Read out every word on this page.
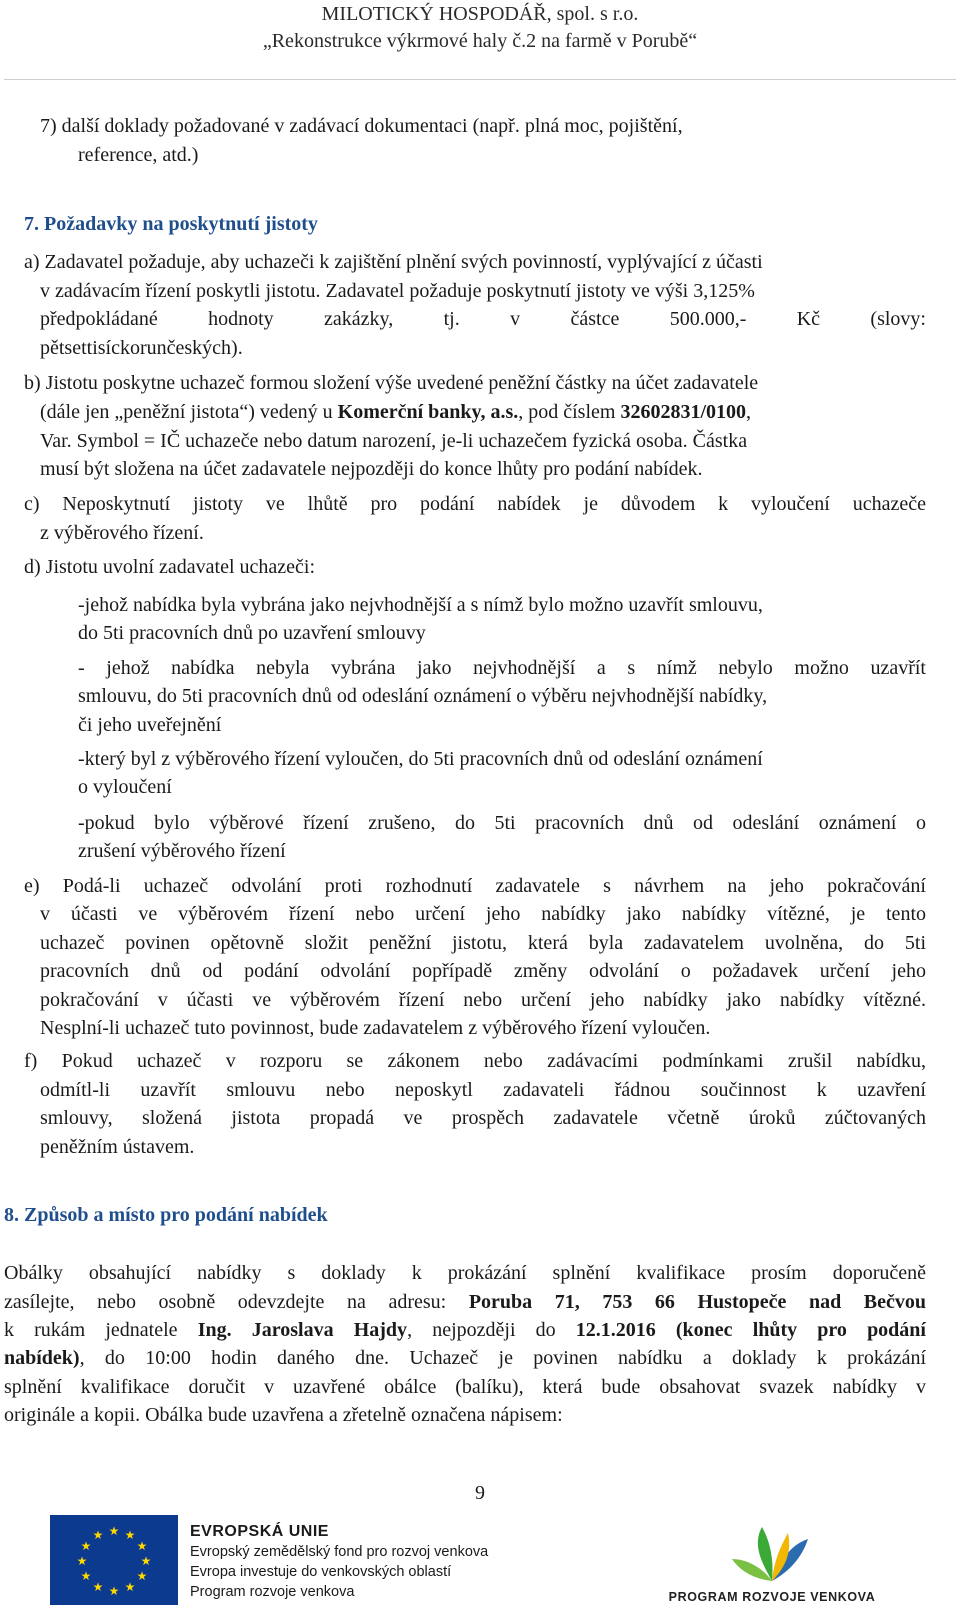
MILOTICKÝ HOSPODÁŘ, spol. s r.o.
„Rekonstrukce výkrmové haly č.2 na farmě v Porubě“
7) další doklady požadované v zadávací dokumentaci (např. plná moc, pojištění,
reference, atd.)
7. Požadavky na poskytnutí jistoty
a) Zadavatel požaduje, aby uchazeči k zajištění plnění svých povinností, vyplývající z účasti
v zadávacím řízení poskytli jistotu. Zadavatel požaduje poskytnutí jistoty ve výši 3,125%
předpokládané hodnoty zakázky, tj. v částce 500.000,- Kč (slovy:
pětsettisíckorunčeských).
b) Jistotu poskytne uchazeč formou složení výše uvedené peněžní částky na účet zadavatele
(dále jen „peněžní jistota“) vedený u Komerční banky, a.s., pod číslem 32602831/0100,
Var. Symbol = IČ uchazeče nebo datum narození, je-li uchazečem fyzická osoba. Částka
musí být složena na účet zadavatele nejpozději do konce lhůty pro podání nabídek.
c) Neposkytnutí jistoty ve lhůtě pro podání nabídek je důvodem k vyloučení uchazeče
z výběrového řízení.
d) Jistotu uvolní zadavatel uchazeči:
-jehož nabídka byla vybrána jako nejvhodnější a s nímž bylo možno uzavřít smlouvu,
do 5ti pracovních dnů po uzavření smlouvy
- jehož nabídka nebyla vybrána jako nejvhodnější a s nímž nebylo možno uzavřít
smlouvu, do 5ti pracovních dnů od odeslání oznámení o výběru nejvhodnější nabídky,
či jeho uveřejnění
-který byl z výběrového řízení vyloučen, do 5ti pracovních dnů od odeslání oznámení
o vyloučení
-pokud bylo výběrové řízení zrušeno, do 5ti pracovních dnů od odeslání oznámení o
zrušení výběrového řízení
e) Podá-li uchazeč odvolání proti rozhodnutí zadavatele s návrhem na jeho pokračování
v účasti ve výběrovém řízení nebo určení jeho nabídky jako nabídky vítězné, je tento
uchazeč povinen opětovně složit peněžní jistotu, která byla zadavatelem uvolněna, do 5ti
pracovních dnů od podání odvolání popřípadě změny odvolání o požadavek určení jeho
pokračování v účasti ve výběrovém řízení nebo určení jeho nabídky jako nabídky vítězné.
Nesplní-li uchazeč tuto povinnost, bude zadavatelem z výběrového řízení vyloučen.
f) Pokud uchazeč v rozporu se zákonem nebo zadávacími podmínkami zrušil nabídku,
odmítl-li uzavřít smlouvu nebo neposkytl zadavateli řádnou součinnost k uzavření
smlouvy, složená jistota propadá ve prospěch zadavatele včetně úroků zúčtovaných
peněžním ústavem.
8. Způsob a místo pro podání nabídek
Obálky obsahující nabídky s doklady k prokázání splnění kvalifikace prosím doporučeně
zasílejte, nebo osobně odevzdejte na adresu: Poruba 71, 753 66 Hustopeče nad Bečvou
k rukám jednatele Ing. Jaroslava Hajdy, nejpozději do 12.1.2016 (konec lhůty pro podání
nabídek), do 10:00 hodin daného dne. Uchazeč je povinen nabídku a doklady k prokázání
splnění kvalifikace doručit v uzavřené obálce (balíku), která bude obsahovat svazek nabídky v
originále a kopii. Obálka bude uzavřena a zřetelně označena nápisem:
9
★ ★
★
★
★
★
★
★
★
★
★
★	EVROPSKÁ UNIE
Evropský zemědělský fond pro rozvoj venkova
Evropa investuje do venkovských oblastí
Program rozvoje venkova	PROGRAM ROZVOJE VENKOVA
